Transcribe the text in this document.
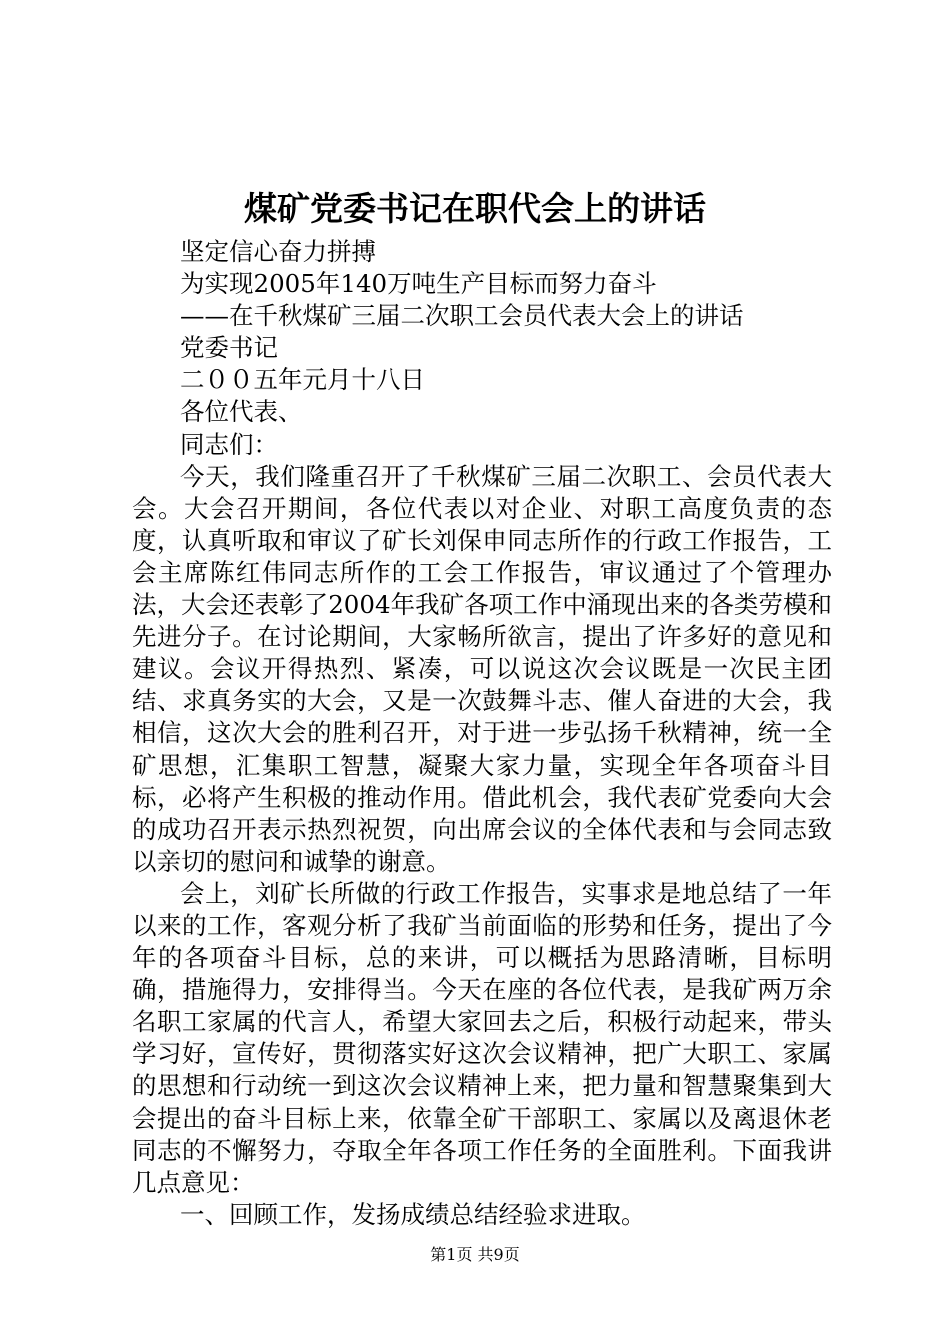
煤矿党委书记在职代会上的讲话
坚定信心奋力拼搏
为实现2005年140万吨生产目标而努力奋斗
——在千秋煤矿三届二次职工会员代表大会上的讲话
党委书记
二００五年元月十八日
各位代表、
同志们：

今天，我们隆重召开了千秋煤矿三届二次职工、会员代表大会。大会召开期间，各位代表以对企业、对职工高度负责的态度，认真听取和审议了矿长刘保申同志所作的行政工作报告，工会主席陈红伟同志所作的工会工作报告，审议通过了个管理办法，大会还表彰了2004年我矿各项工作中涌现出来的各类劳模和先进分子。在讨论期间，大家畅所欲言，提出了许多好的意见和建议。会议开得热烈、紧凑，可以说这次会议既是一次民主团结、求真务实的大会，又是一次鼓舞斗志、催人奋进的大会，我相信，这次大会的胜利召开，对于进一步弘扬千秋精神，统一全矿思想，汇集职工智慧，凝聚大家力量，实现全年各项奋斗目标，必将产生积极的推动作用。借此机会，我代表矿党委向大会的成功召开表示热烈祝贺，向出席会议的全体代表和与会同志致以亲切的慰问和诚挚的谢意。

会上，刘矿长所做的行政工作报告，实事求是地总结了一年以来的工作，客观分析了我矿当前面临的形势和任务，提出了今年的各项奋斗目标，总的来讲，可以概括为思路清晰，目标明确，措施得力，安排得当。今天在座的各位代表，是我矿两万余名职工家属的代言人，希望大家回去之后，积极行动起来，带头学习好，宣传好，贯彻落实好这次会议精神，把广大职工、家属的思想和行动统一到这次会议精神上来，把力量和智慧聚集到大会提出的奋斗目标上来，依靠全矿干部职工、家属以及离退休老同志的不懈努力，夺取全年各项工作任务的全面胜利。下面我讲几点意见：

一、回顾工作，发扬成绩总结经验求进取。

第1页 共9页
